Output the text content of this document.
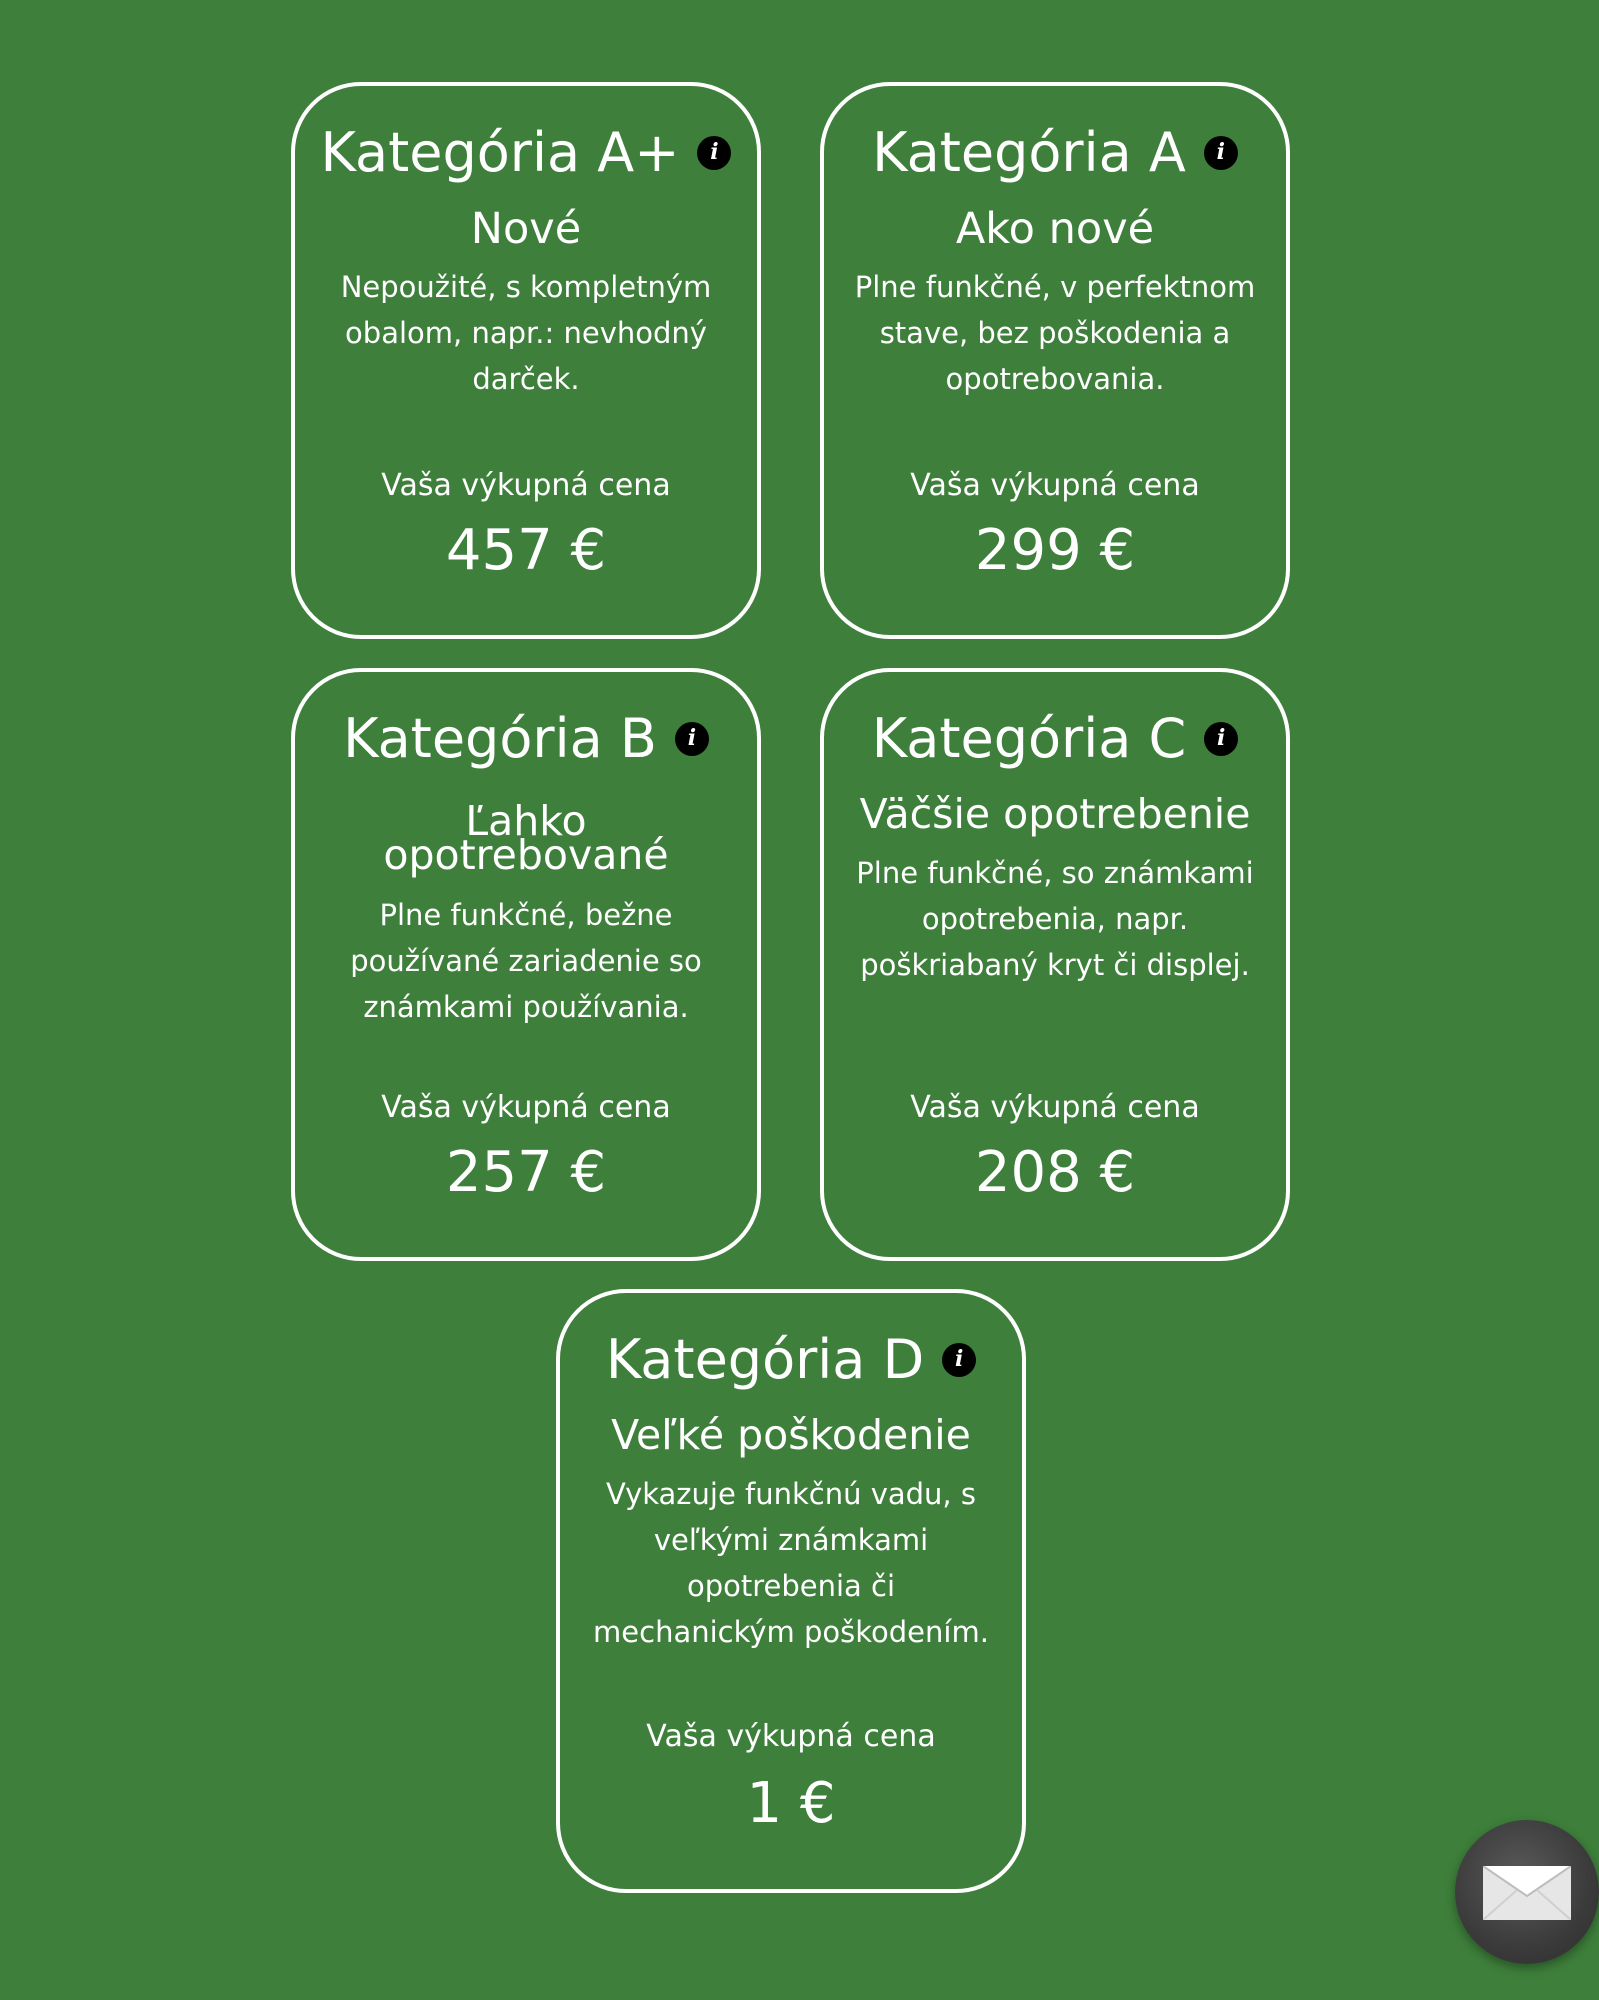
Kategória A+	i
Nové
Nepoužité, s kompletným obalom, napr.: nevhodný darček.
Vaša výkupná cena
457 €
Kategória A	i
Ako nové
Plne funkčné, v perfektnom stave, bez poškodenia a opotrebovania.
Vaša výkupná cena
299 €
Kategória B	i
Ľahko opotrebované
Plne funkčné, bežne používané zariadenie so známkami používania.
Vaša výkupná cena
257 €
Kategória C	i
Väčšie opotrebenie
Plne funkčné, so známkami opotrebenia, napr. poškriabaný kryt či displej.
Vaša výkupná cena
208 €
Kategória D	i
Veľké poškodenie
Vykazuje funkčnú vadu, s veľkými známkami opotrebenia či mechanickým poškodením.
Vaša výkupná cena
1 €
